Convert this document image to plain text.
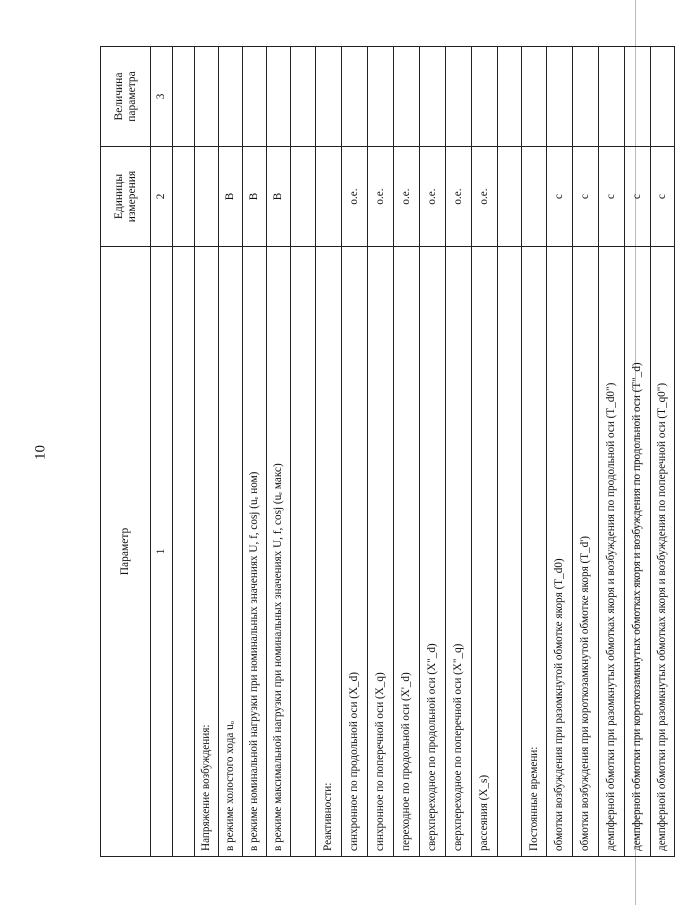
10
Параметр	Единицы измерения	Величина параметра
1	2	3

Напряжение возбуждения:		
в режиме холостого хода uₒ	В	
в режиме номинальной нагрузки при номинальных значениях U, f, cosj (uₑ ном)	В	
в режиме максимальной нагрузки при номинальных значениях U, f, cosj (uₑ макс)	В	

Реактивности:		
синхронное по продольной оси (X_d)	о.е.	
синхронное по поперечной оси (X_q)	о.е.	
переходное по продольной оси (X'_d)	о.е.	
сверхпереходное по продольной оси (X"_d)	о.е.	
сверхпереходное по поперечной оси (X"_q)	о.е.	
рассеяния (X_s)	о.е.	

Постоянные времени:		
обмотки возбуждения при разомкнутой обмотке якоря (T_d0)	с	
обмотки возбуждения при короткозамкнутой обмотке якоря (T_d')	с	
демпферной обмотки при разомкнутых обмотках якоря и возбуждения по продольной оси (T_d0")	с	
демпферной обмотки при короткозамкнутых обмотках якоря и возбуждения по продольной оси (T"_d)	с	
демпферной обмотки при разомкнутых обмотках якоря и возбуждения по поперечной оси (T_q0")	с	
